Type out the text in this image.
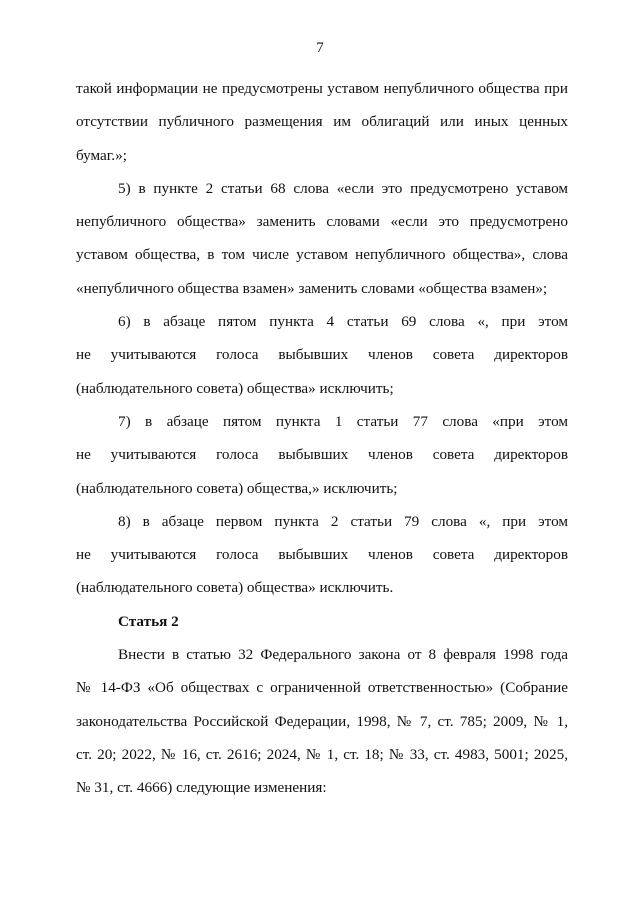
7
такой информации не предусмотрены уставом непубличного общества при
отсутствии публичного размещения им облигаций или иных ценных
бумаг.»;
5) в пункте 2 статьи 68 слова «если это предусмотрено уставом
непубличного общества» заменить словами «если это предусмотрено
уставом общества, в том числе уставом непубличного общества», слова
«непубличного общества взамен» заменить словами «общества взамен»;
6) в абзаце пятом пункта 4 статьи 69 слова «, при этом
не учитываются голоса выбывших членов совета директоров
(наблюдательного совета) общества» исключить;
7) в абзаце пятом пункта 1 статьи 77 слова «при этом
не учитываются голоса выбывших членов совета директоров
(наблюдательного совета) общества,» исключить;
8) в абзаце первом пункта 2 статьи 79 слова «, при этом
не учитываются голоса выбывших членов совета директоров
(наблюдательного совета) общества» исключить.
Статья 2
Внести в статью 32 Федерального закона от 8 февраля 1998 года
№ 14-ФЗ «Об обществах с ограниченной ответственностью» (Собрание
законодательства Российской Федерации, 1998, № 7, ст. 785; 2009, № 1,
ст. 20; 2022, № 16, ст. 2616; 2024, № 1, ст. 18; № 33, ст. 4983, 5001; 2025,
№ 31, ст. 4666) следующие изменения:
